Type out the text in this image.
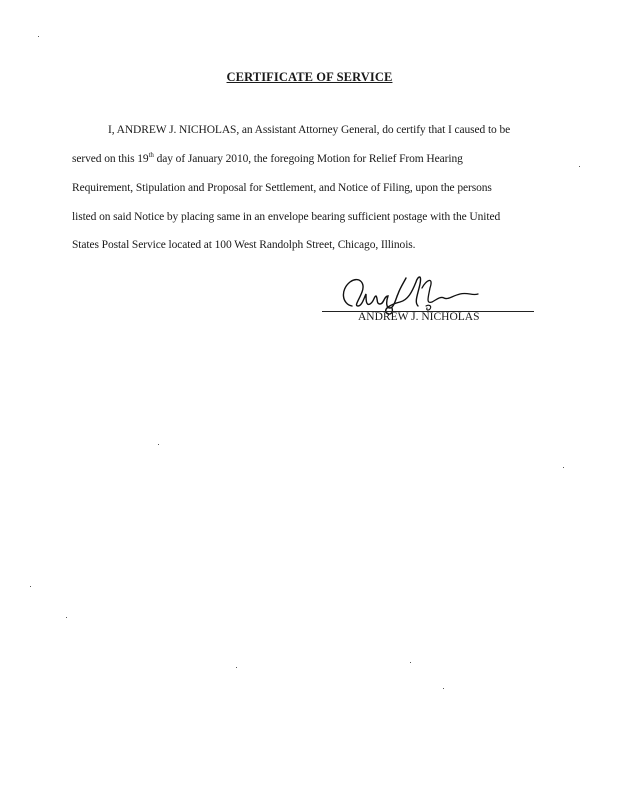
CERTIFICATE OF SERVICE
I, ANDREW J. NICHOLAS, an Assistant Attorney General, do certify that I caused to be
served on this 19th day of January 2010, the foregoing Motion for Relief From Hearing
Requirement, Stipulation and Proposal for Settlement, and Notice of Filing, upon the persons
listed on said Notice by placing same in an envelope bearing sufficient postage with the United
States Postal Service located at 100 West Randolph Street, Chicago, Illinois.
ANDREW J. NICHOLAS
